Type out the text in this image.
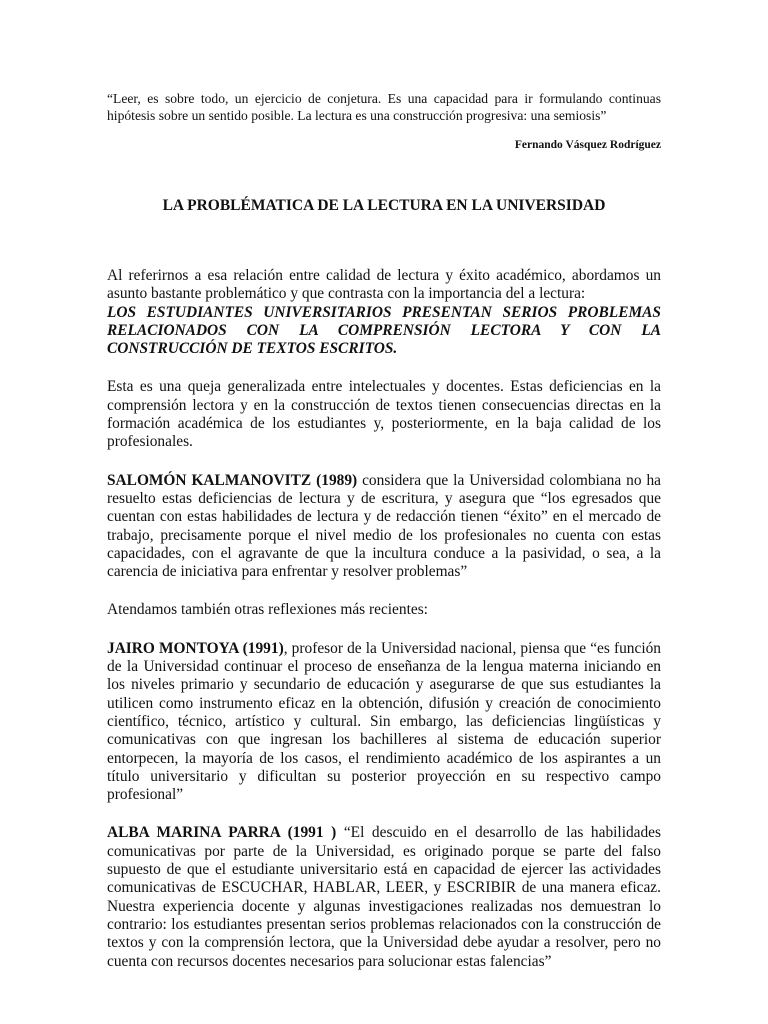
“Leer, es sobre todo, un ejercicio de conjetura. Es una capacidad para ir formulando continuas hipótesis sobre un sentido posible. La lectura es una construcción progresiva: una semiosis”

Fernando Vásquez Rodríguez

LA PROBLÉMATICA DE LA LECTURA EN LA UNIVERSIDAD

Al referirnos a esa relación entre calidad de lectura y éxito académico, abordamos un asunto bastante problemático y que contrasta con la importancia del a lectura:

LOS ESTUDIANTES UNIVERSITARIOS PRESENTAN SERIOS PROBLEMAS RELACIONADOS CON LA COMPRENSIÓN LECTORA Y CON LA CONSTRUCCIÓN DE TEXTOS ESCRITOS.

Esta es una queja generalizada entre intelectuales y docentes. Estas deficiencias en la comprensión lectora y en la construcción de textos tienen consecuencias directas en la formación académica de los estudiantes y, posteriormente, en la baja calidad de los profesionales.

SALOMÓN KALMANOVITZ (1989) considera que la Universidad colombiana no ha resuelto estas deficiencias de lectura y de escritura, y asegura que “los egresados que cuentan con estas habilidades de lectura y de redacción tienen “éxito” en el mercado de trabajo, precisamente porque el nivel medio de los profesionales no cuenta con estas capacidades, con el agravante de que la incultura conduce a la pasividad, o sea, a la carencia de iniciativa para enfrentar y resolver problemas”

Atendamos también otras reflexiones más recientes:

JAIRO MONTOYA (1991), profesor de la Universidad nacional, piensa que “es función de la Universidad continuar el proceso de enseñanza de la lengua materna iniciando en los niveles primario y secundario de educación y asegurarse de que sus estudiantes la utilicen como instrumento eficaz en la obtención, difusión y creación de conocimiento científico, técnico, artístico y cultural. Sin embargo, las deficiencias lingüísticas y comunicativas con que ingresan los bachilleres al sistema de educación superior entorpecen, la mayoría de los casos, el rendimiento académico de los aspirantes a un título universitario y dificultan su posterior proyección en su respectivo campo profesional”

ALBA MARINA PARRA (1991 ) “El descuido en el desarrollo de las habilidades comunicativas por parte de la Universidad, es originado porque se parte del falso supuesto de que el estudiante universitario está en capacidad de ejercer las actividades comunicativas de ESCUCHAR, HABLAR, LEER, y ESCRIBIR de una manera eficaz. Nuestra experiencia docente y algunas investigaciones realizadas nos demuestran lo contrario: los estudiantes presentan serios problemas relacionados con la construcción de textos y con la comprensión lectora, que la Universidad debe ayudar a resolver, pero no cuenta con recursos docentes necesarios para solucionar estas falencias”
